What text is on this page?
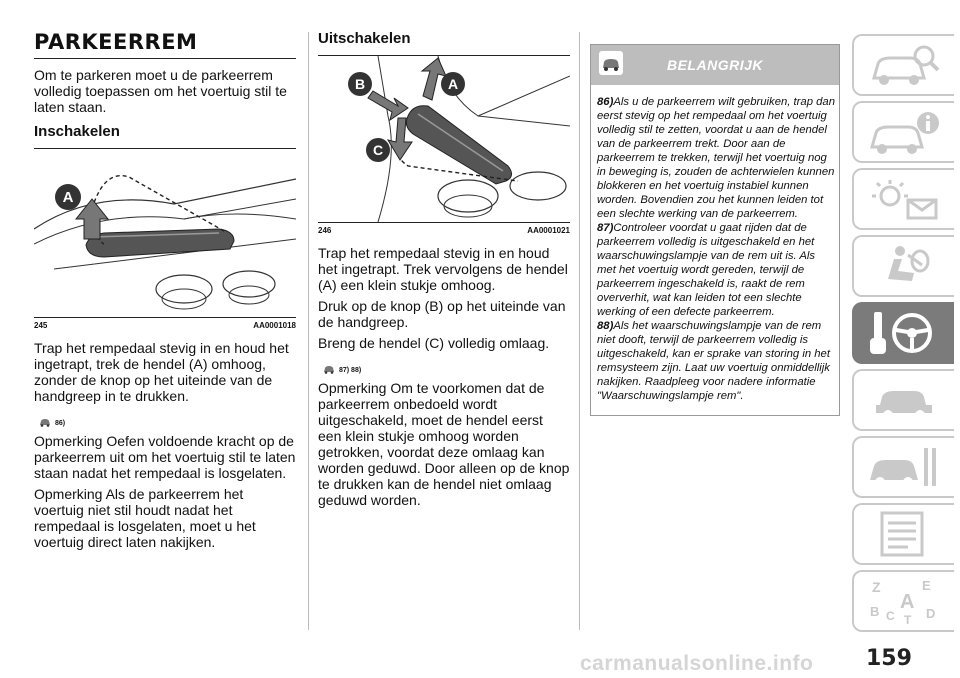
PARKEERREM

Om te parkeren moet u de parkeerrem volledig toepassen om het voertuig stil te laten staan.

Inschakelen
A
245	AA0001018

Trap het rempedaal stevig in en houd het ingetrapt, trek de hendel (A) omhoog, zonder de knop op het uiteinde van de handgreep in te drukken.

86)

Opmerking Oefen voldoende kracht op de parkeerrem uit om het voertuig stil te laten staan nadat het rempedaal is losgelaten.

Opmerking Als de parkeerrem het voertuig niet stil houdt nadat het rempedaal is losgelaten, moet u het voertuig direct laten nakijken.

Uitschakelen
B	A
C
246	AA0001021

Trap het rempedaal stevig in en houd het ingetrapt. Trek vervolgens de hendel (A) een klein stukje omhoog.

Druk op de knop (B) op het uiteinde van de handgreep.

Breng de hendel (C) volledig omlaag.

87) 88)

Opmerking Om te voorkomen dat de parkeerrem onbedoeld wordt uitgeschakeld, moet de hendel eerst een klein stukje omhoog worden getrokken, voordat deze omlaag kan worden geduwd. Door alleen op de knop te drukken kan de hendel niet omlaag geduwd worden.

BELANGRIJK

86)Als u de parkeerrem wilt gebruiken, trap dan eerst stevig op het rempedaal om het voertuig volledig stil te zetten, voordat u aan de hendel van de parkeerrem trekt. Door aan de parkeerrem te trekken, terwijl het voertuig nog in beweging is, zouden de achterwielen kunnen blokkeren en het voertuig instabiel kunnen worden. Bovendien zou het kunnen leiden tot een slechte werking van de parkeerrem.

87)Controleer voordat u gaat rijden dat de parkeerrem volledig is uitgeschakeld en het waarschuwingslampje van de rem uit is. Als met het voertuig wordt gereden, terwijl de parkeerrem ingeschakeld is, raakt de rem oververhit, wat kan leiden tot een slechte werking of een defecte parkeerrem.

88)Als het waarschuwingslampje van de rem niet dooft, terwijl de parkeerrem volledig is uitgeschakeld, kan er sprake van storing in het remsysteem zijn. Laat uw voertuig onmiddellijk nakijken. Raadpleeg voor nadere informatie "Waarschuwingslampje rem".

Z	E
B A
C T D
159
carmanualsonline.info
